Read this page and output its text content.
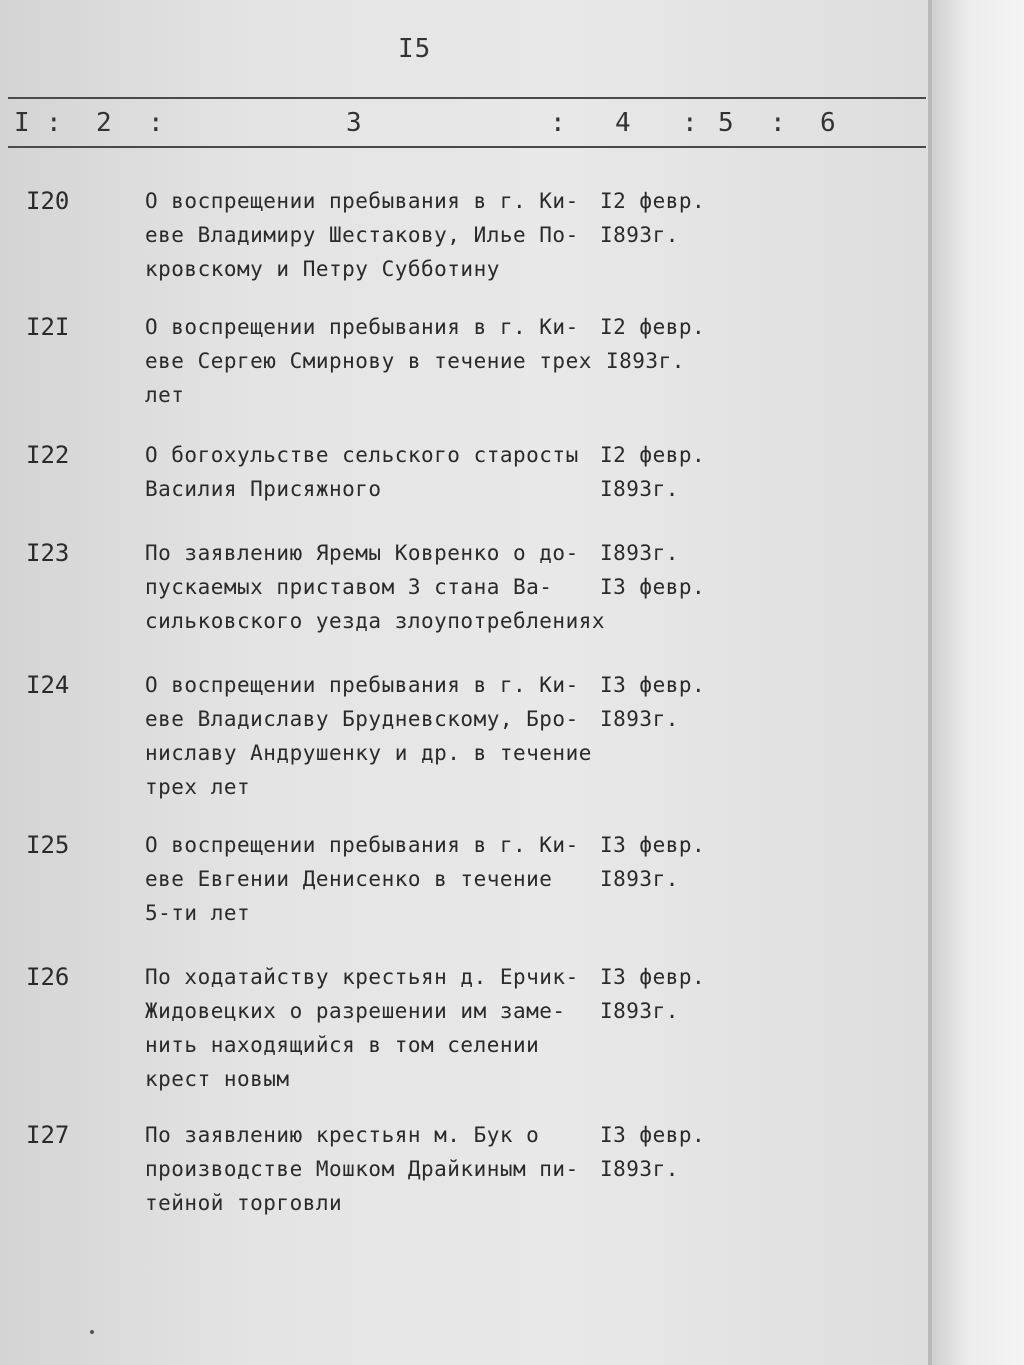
I5
I : 2 :	3	: 4 : 5 : 6
I20	О воспрещении пребывания в г. Ки-
еве Владимиру Шестакову, Илье По-
кровскому и Петру Субботину
I2 февр.
I893г.
I2I	О воспрещении пребывания в г. Ки-
еве Сергею Смирнову в течение трех
лет
I2 февр.
I893г.
I22	О богохульстве сельского старосты
Василия Присяжного
I2 февр.
I893г.
I23	По заявлению Яремы Ковренко о до-
пускаемых приставом 3 стана Ва-
сильковского уезда злоупотреблениях
I893г.
I3 февр.
I24	О воспрещении пребывания в г. Ки-
еве Владиславу Брудневскому, Бро-
ниславу Андрушенку и др. в течение
трех лет
I3 февр.
I893г.
I25	О воспрещении пребывания в г. Ки-
еве Евгении Денисенко в течение
5-ти лет
I3 февр.
I893г.
I26	По ходатайству крестьян д. Ерчик-
Жидовецких о разрешении им заме-
нить находящийся в том селении
крест новым
I3 февр.
I893г.
I27	По заявлению крестьян м. Бук о
производстве Мошком Драйкиным пи-
тейной торговли
I3 февр.
I893г.
